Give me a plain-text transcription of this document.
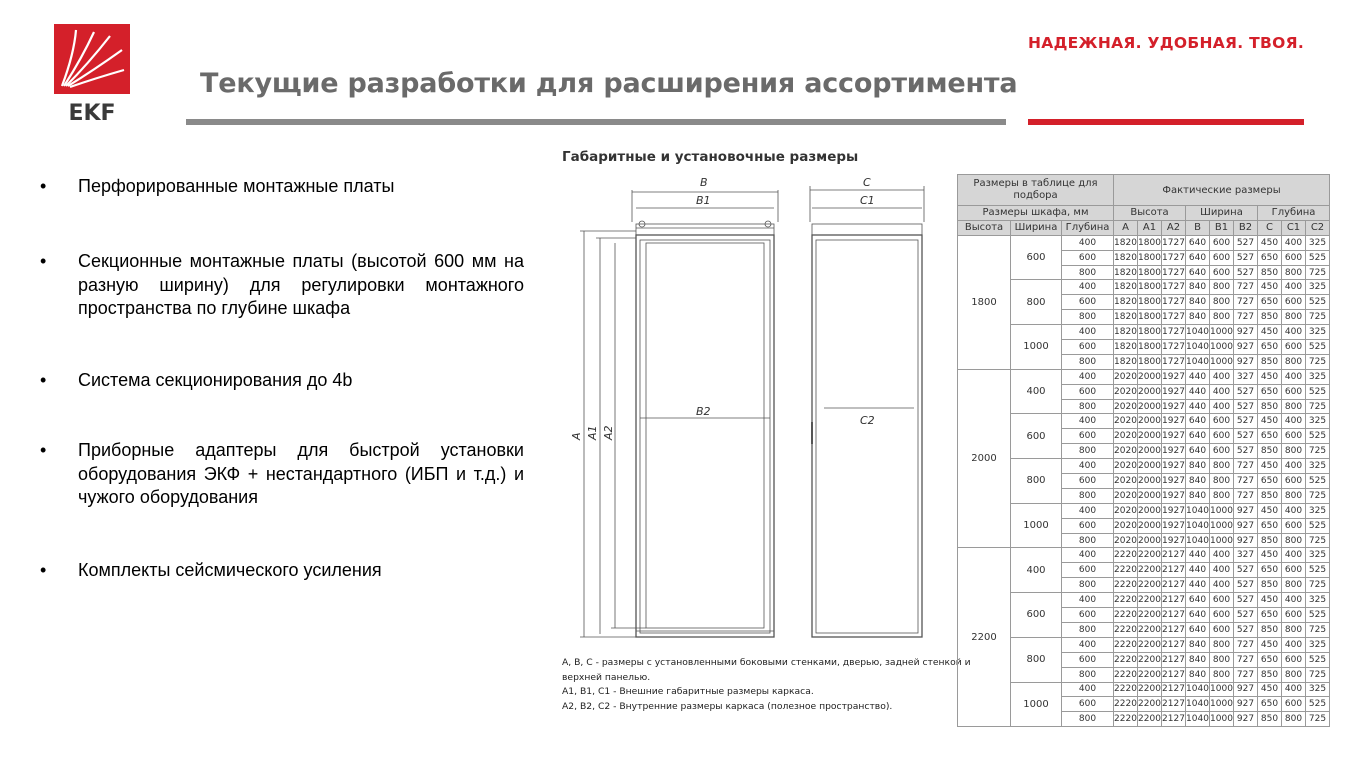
EKF
НАДЕЖНАЯ. УДОБНАЯ. ТВОЯ.
Текущие разработки для расширения ассортимента
•	Перфорированные монтажные платы
•	Секционные монтажные платы (высотой 600 мм на разную ширину) для регулировки монтажного пространства по глубине шкафа
•	Система секционирования до 4b
•	Приборные адаптеры для быстрой установки оборудования ЭКФ + нестандартного (ИБП и т.д.) и чужого оборудования
•	Комплекты сейсмического усиления
Габаритные и установочные размеры
B
B1
B2
C
C1
C2
A A1 A2
A, B, C - размеры с установленными боковыми стенками, дверью, задней стенкой и
верхней панелью.
A1, B1, C1 - Внешние габаритные размеры каркаса.
A2, B2, C2 - Внутренние размеры каркаса (полезное пространство).
Размеры в таблице для подбора			Фактические размеры								
Размеры шкафа, мм			Высота			Ширина			Глубина		
Высота	Ширина	Глубина	A	A1	A2	B	B1	B2	C	C1	C2
1800	600	400	1820	1800	1727	640	600	527	450	400	325
		600	1820	1800	1727	640	600	527	650	600	525
		800	1820	1800	1727	640	600	527	850	800	725
	800	400	1820	1800	1727	840	800	727	450	400	325
		600	1820	1800	1727	840	800	727	650	600	525
		800	1820	1800	1727	840	800	727	850	800	725
	1000	400	1820	1800	1727	1040	1000	927	450	400	325
		600	1820	1800	1727	1040	1000	927	650	600	525
		800	1820	1800	1727	1040	1000	927	850	800	725
2000	400	400	2020	2000	1927	440	400	327	450	400	325
		600	2020	2000	1927	440	400	527	650	600	525
		800	2020	2000	1927	440	400	527	850	800	725
	600	400	2020	2000	1927	640	600	527	450	400	325
		600	2020	2000	1927	640	600	527	650	600	525
		800	2020	2000	1927	640	600	527	850	800	725
	800	400	2020	2000	1927	840	800	727	450	400	325
		600	2020	2000	1927	840	800	727	650	600	525
		800	2020	2000	1927	840	800	727	850	800	725
	1000	400	2020	2000	1927	1040	1000	927	450	400	325
		600	2020	2000	1927	1040	1000	927	650	600	525
		800	2020	2000	1927	1040	1000	927	850	800	725
2200	400	400	2220	2200	2127	440	400	327	450	400	325
		600	2220	2200	2127	440	400	527	650	600	525
		800	2220	2200	2127	440	400	527	850	800	725
	600	400	2220	2200	2127	640	600	527	450	400	325
		600	2220	2200	2127	640	600	527	650	600	525
		800	2220	2200	2127	640	600	527	850	800	725
	800	400	2220	2200	2127	840	800	727	450	400	325
		600	2220	2200	2127	840	800	727	650	600	525
		800	2220	2200	2127	840	800	727	850	800	725
	1000	400	2220	2200	2127	1040	1000	927	450	400	325
		600	2220	2200	2127	1040	1000	927	650	600	525
		800	2220	2200	2127	1040	1000	927	850	800	725
